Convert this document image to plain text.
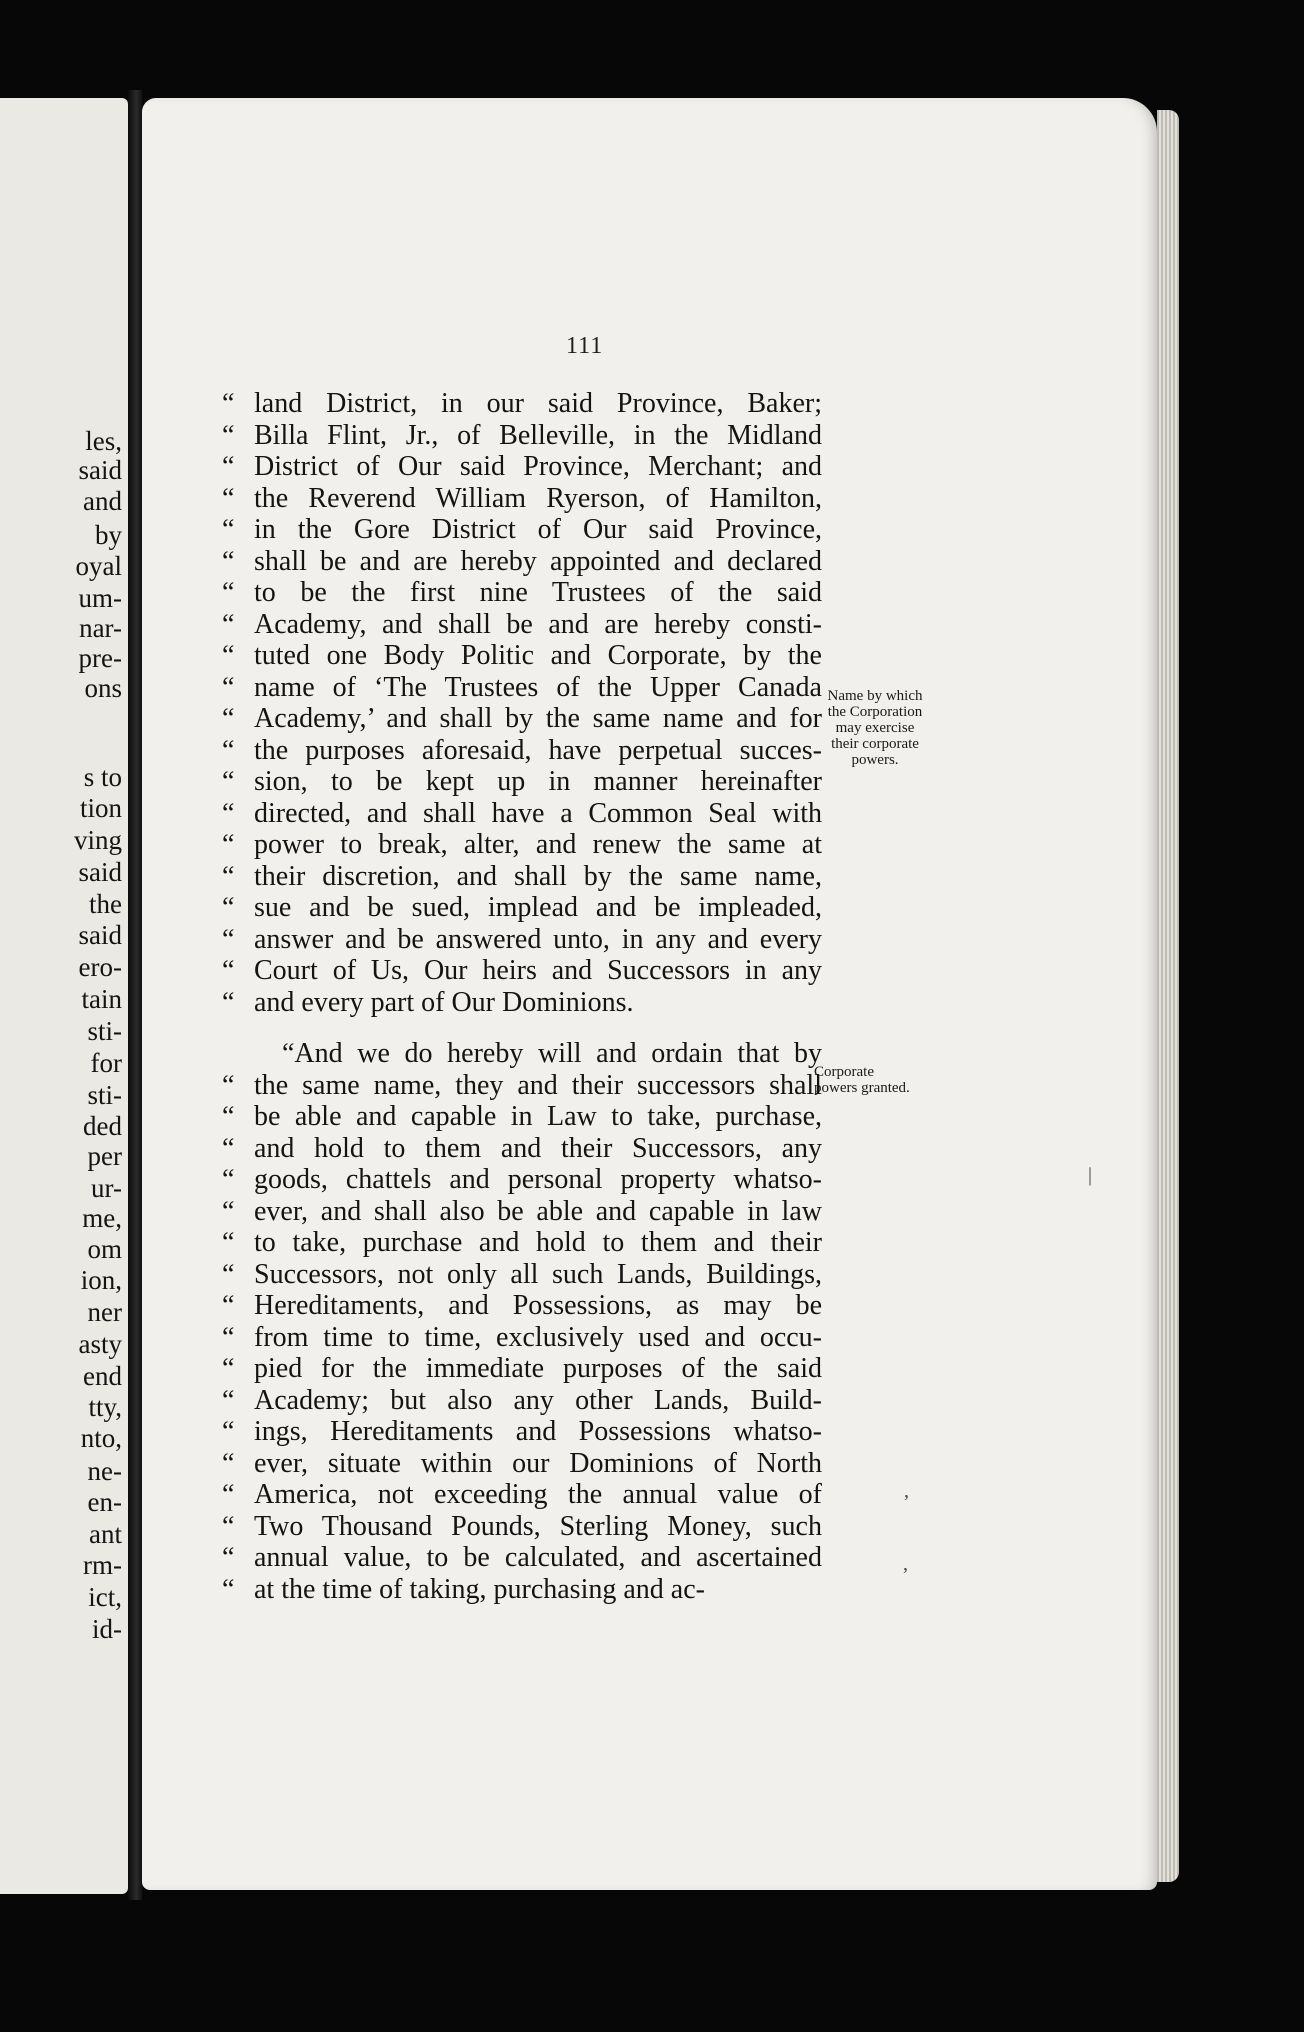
les,
said
and
by
oyal
um-
nar-
pre-
ons
s to
tion
ving
said
the
said
ero-
tain
sti-
for
sti-
ded
per
ur-
me,
om
ion,
ner
asty
end
tty,
nto,
ne-
en-
ant
rm-
ict,
id-
111
“ land District, in our said Province, Baker;
“ Billa Flint, Jr., of Belleville, in the Midland
“ District of Our said Province, Merchant; and
“ the Reverend William Ryerson, of Hamilton,
“ in the Gore District of Our said Province,
“ shall be and are hereby appointed and declared
“ to be the first nine Trustees of the said
“ Academy, and shall be and are hereby consti-
“ tuted one Body Politic and Corporate, by the
“ name of ‘The Trustees of the Upper Canada
“ Academy,’ and shall by the same name and for
“ the purposes aforesaid, have perpetual succes-
“ sion, to be kept up in manner hereinafter
“ directed, and shall have a Common Seal with
“ power to break, alter, and renew the same at
“ their discretion, and shall by the same name,
“ sue and be sued, implead and be impleaded,
“ answer and be answered unto, in any and every
“ Court of Us, Our heirs and Successors in any
“ and every part of Our Dominions.
“And we do hereby will and ordain that by
“ the same name, they and their successors shall
“ be able and capable in Law to take, purchase,
“ and hold to them and their Successors, any
“ goods, chattels and personal property whatso-
“ ever, and shall also be able and capable in law
“ to take, purchase and hold to them and their
“ Successors, not only all such Lands, Buildings,
“ Hereditaments, and Possessions, as may be
“ from time to time, exclusively used and occu-
“ pied for the immediate purposes of the said
“ Academy; but also any other Lands, Build-
“ ings, Hereditaments and Possessions whatso-
“ ever, situate within our Dominions of North
“ America, not exceeding the annual value of
“ Two Thousand Pounds, Sterling Money, such
“ annual value, to be calculated, and ascertained
“ at the time of taking, purchasing and ac-
Name by which the Corporation may exercise their corporate powers.
Corporate powers granted.
|
,
,
